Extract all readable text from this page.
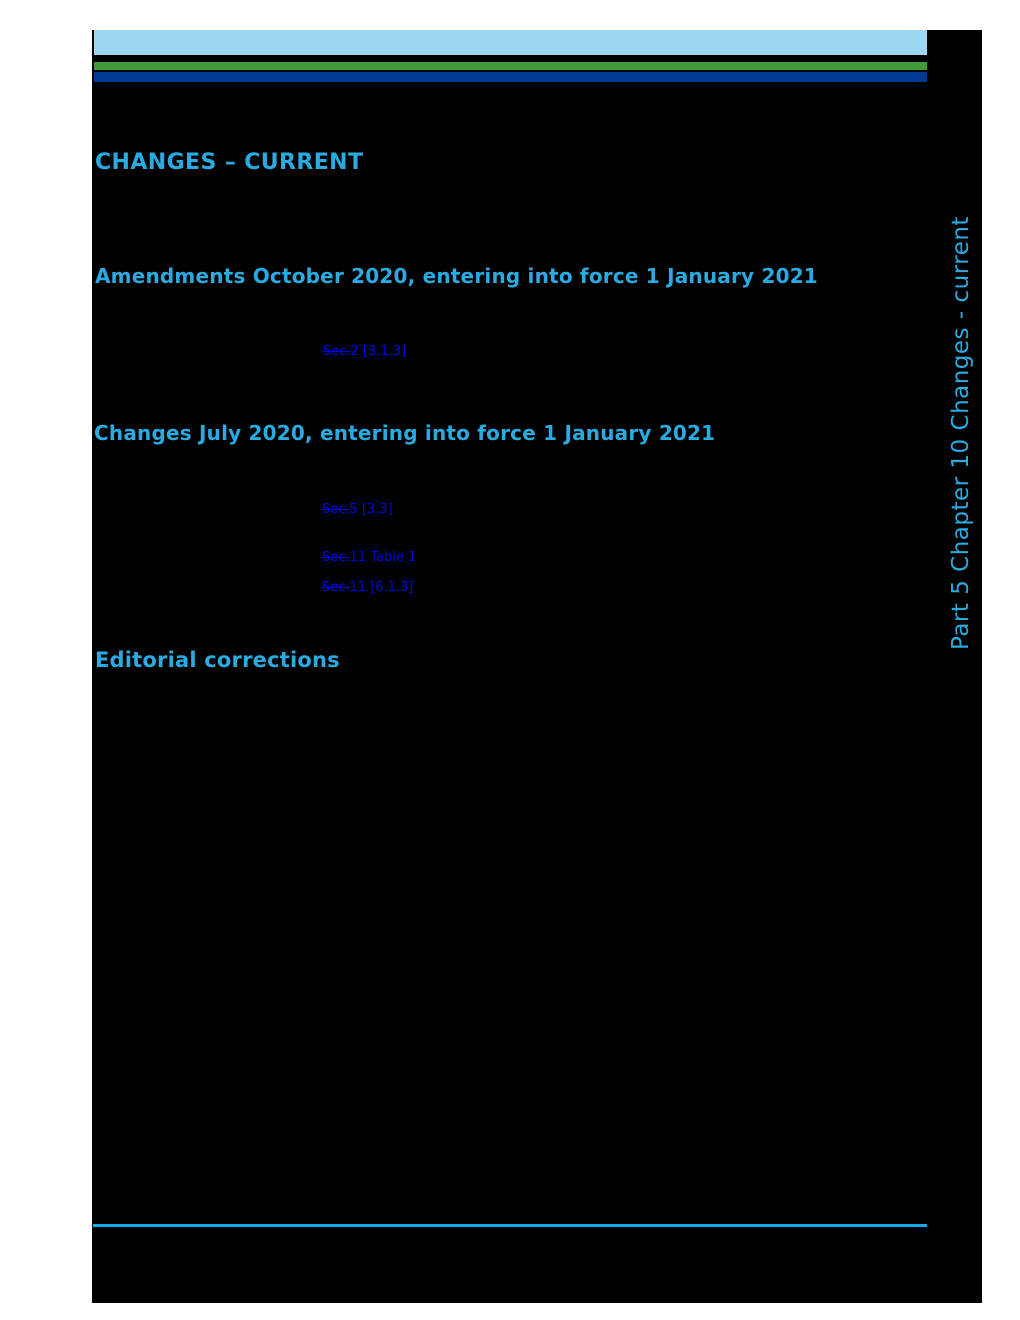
CHANGES – CURRENT
Amendments October 2020, entering into force 1 January 2021
Sec.2 [3.1.3]
Changes July 2020, entering into force 1 January 2021
Sec.5 [3.3]
Sec.11 Table 1
Sec.11 [6.1.3]
Editorial corrections
Part 5 Chapter 10 Changes - current
